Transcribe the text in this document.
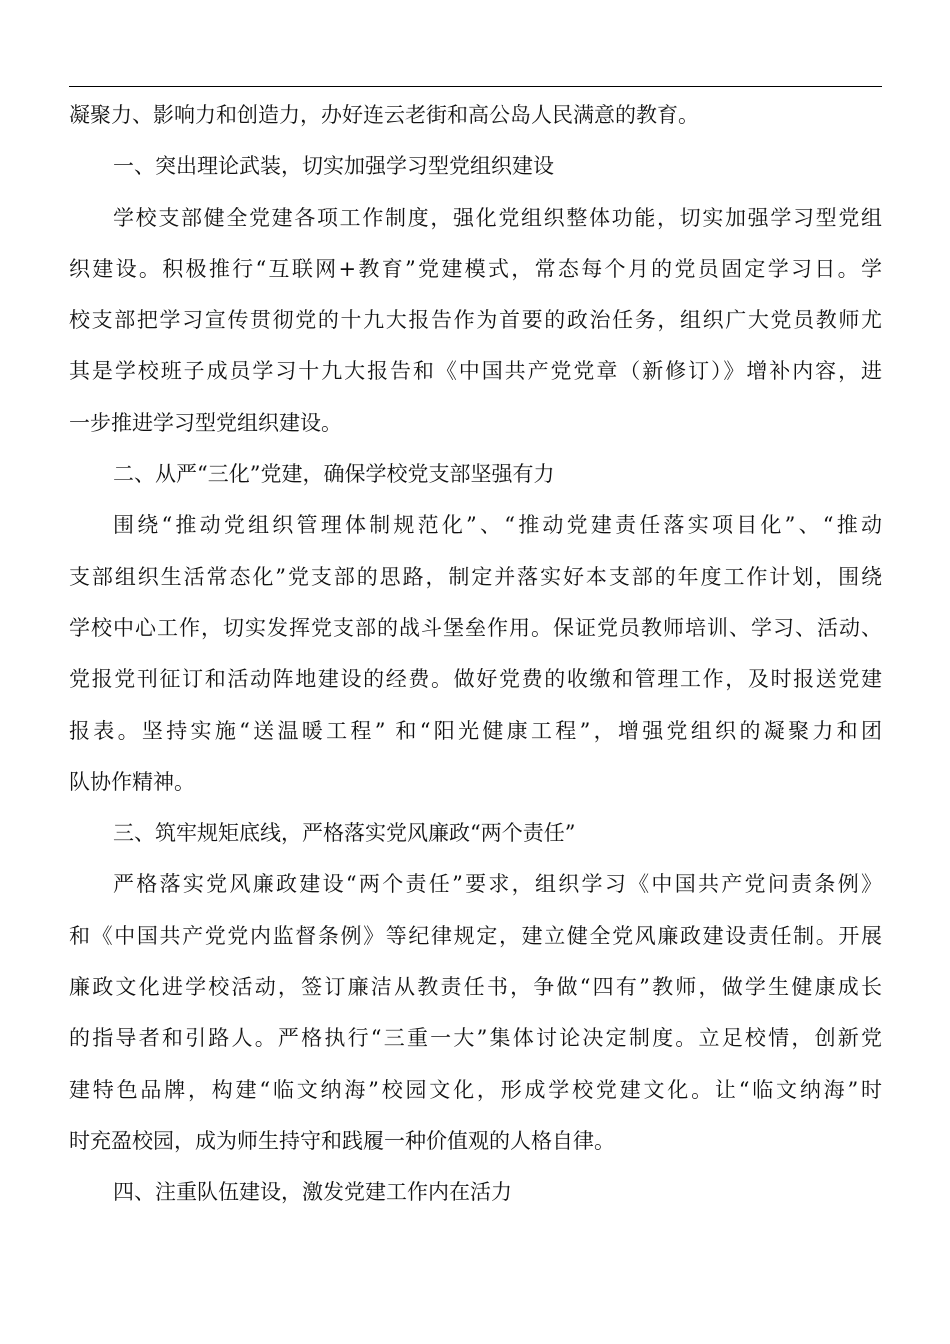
凝聚力、影响力和创造力，办好连云老街和高公岛人民满意的教育。
一、突出理论武装，切实加强学习型党组织建设
学校支部健全党建各项工作制度，强化党组织整体功能，切实加强学习型党组
织建设。积极推行“互联网+教育”党建模式，常态每个月的党员固定学习日。学
校支部把学习宣传贯彻党的十九大报告作为首要的政治任务，组织广大党员教师尤
其是学校班子成员学习十九大报告和《中国共产党党章（新修订）》增补内容，进
一步推进学习型党组织建设。
二、从严“三化”党建，确保学校党支部坚强有力
围绕“推动党组织管理体制规范化”、“推动党建责任落实项目化”、“推动
支部组织生活常态化”党支部的思路，制定并落实好本支部的年度工作计划，围绕
学校中心工作，切实发挥党支部的战斗堡垒作用。保证党员教师培训、学习、活动、
党报党刊征订和活动阵地建设的经费。做好党费的收缴和管理工作，及时报送党建
报表。坚持实施“送温暖工程” 和“阳光健康工程”，增强党组织的凝聚力和团
队协作精神。
三、筑牢规矩底线，严格落实党风廉政“两个责任”
严格落实党风廉政建设“两个责任”要求，组织学习《中国共产党问责条例》
和《中国共产党党内监督条例》等纪律规定，建立健全党风廉政建设责任制。开展
廉政文化进学校活动，签订廉洁从教责任书，争做“四有”教师，做学生健康成长
的指导者和引路人。严格执行“三重一大”集体讨论决定制度。立足校情，创新党
建特色品牌，构建“临文纳海”校园文化，形成学校党建文化。让“临文纳海”时
时充盈校园，成为师生持守和践履一种价值观的人格自律。
四、注重队伍建设，激发党建工作内在活力
